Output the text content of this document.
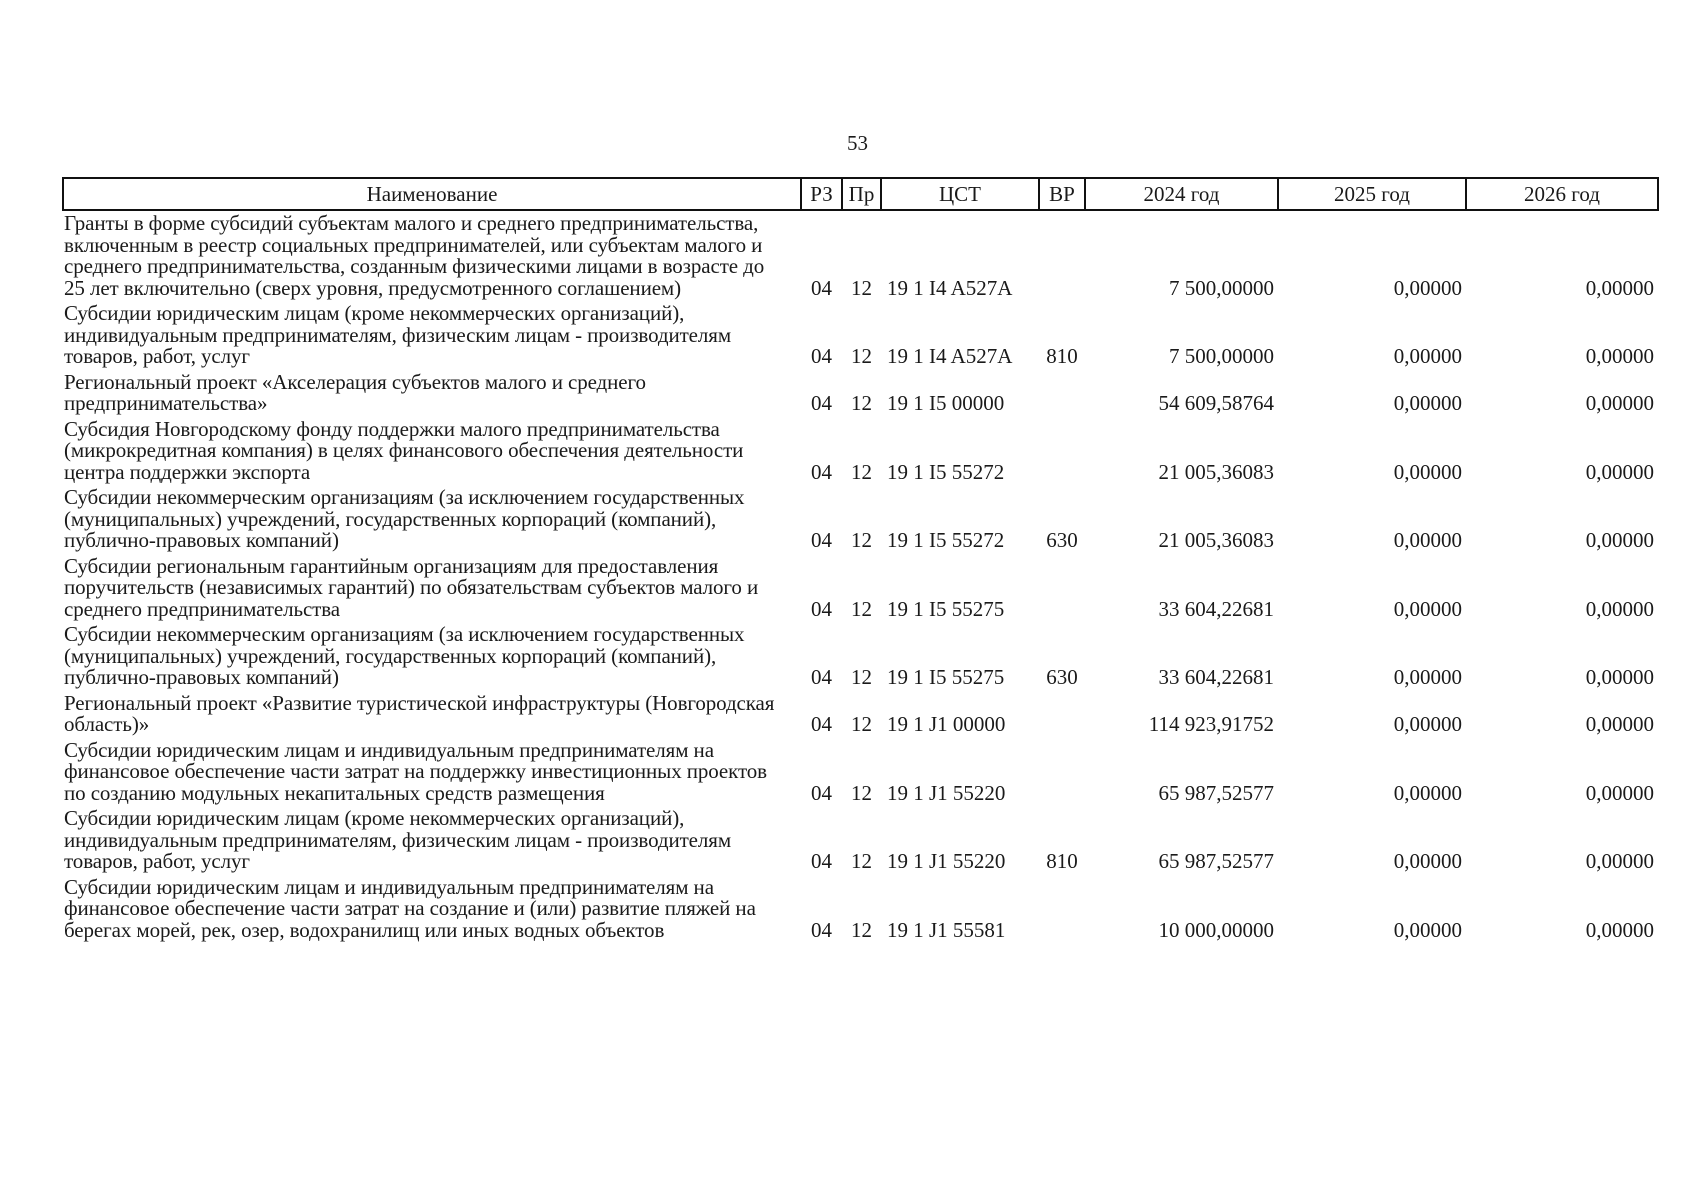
53
Наименование	РЗ	Пр	ЦСТ	ВР	2024 год	2025 год	2026 год
Гранты в форме субсидий субъектам малого и среднего предпринимательства, включенным в реестр социальных предпринимателей, или субъектам малого и среднего предпринимательства, созданным физическими лицами в возрасте до 25 лет включительно (сверх уровня, предусмотренного соглашением)	04	12	19 1 I4 A527A		7 500,00000	0,00000	0,00000
Субсидии юридическим лицам (кроме некоммерческих организаций), индивидуальным предпринимателям, физическим лицам - производителям товаров, работ, услуг	04	12	19 1 I4 A527A	810	7 500,00000	0,00000	0,00000
Региональный проект «Акселерация субъектов малого и среднего предпринимательства»	04	12	19 1 I5 00000		54 609,58764	0,00000	0,00000
Субсидия Новгородскому фонду поддержки малого предпринимательства (микрокредитная компания) в целях финансового обеспечения деятельности центра поддержки экспорта	04	12	19 1 I5 55272		21 005,36083	0,00000	0,00000
Субсидии некоммерческим организациям (за исключением государственных (муниципальных) учреждений, государственных корпораций (компаний), публично-правовых компаний)	04	12	19 1 I5 55272	630	21 005,36083	0,00000	0,00000
Субсидии региональным гарантийным организациям для предоставления поручительств (независимых гарантий) по обязательствам субъектов малого и среднего предпринимательства	04	12	19 1 I5 55275		33 604,22681	0,00000	0,00000
Субсидии некоммерческим организациям (за исключением государственных (муниципальных) учреждений, государственных корпораций (компаний), публично-правовых компаний)	04	12	19 1 I5 55275	630	33 604,22681	0,00000	0,00000
Региональный проект «Развитие туристической инфраструктуры (Новгородская область)»	04	12	19 1 J1 00000		114 923,91752	0,00000	0,00000
Субсидии юридическим лицам и индивидуальным предпринимателям на финансовое обеспечение части затрат на поддержку инвестиционных проектов по созданию модульных некапитальных средств размещения	04	12	19 1 J1 55220		65 987,52577	0,00000	0,00000
Субсидии юридическим лицам (кроме некоммерческих организаций), индивидуальным предпринимателям, физическим лицам - производителям товаров, работ, услуг	04	12	19 1 J1 55220	810	65 987,52577	0,00000	0,00000
Субсидии юридическим лицам и индивидуальным предпринимателям на финансовое обеспечение части затрат на создание и (или) развитие пляжей на берегах морей, рек, озер, водохранилищ или иных водных объектов	04	12	19 1 J1 55581		10 000,00000	0,00000	0,00000
